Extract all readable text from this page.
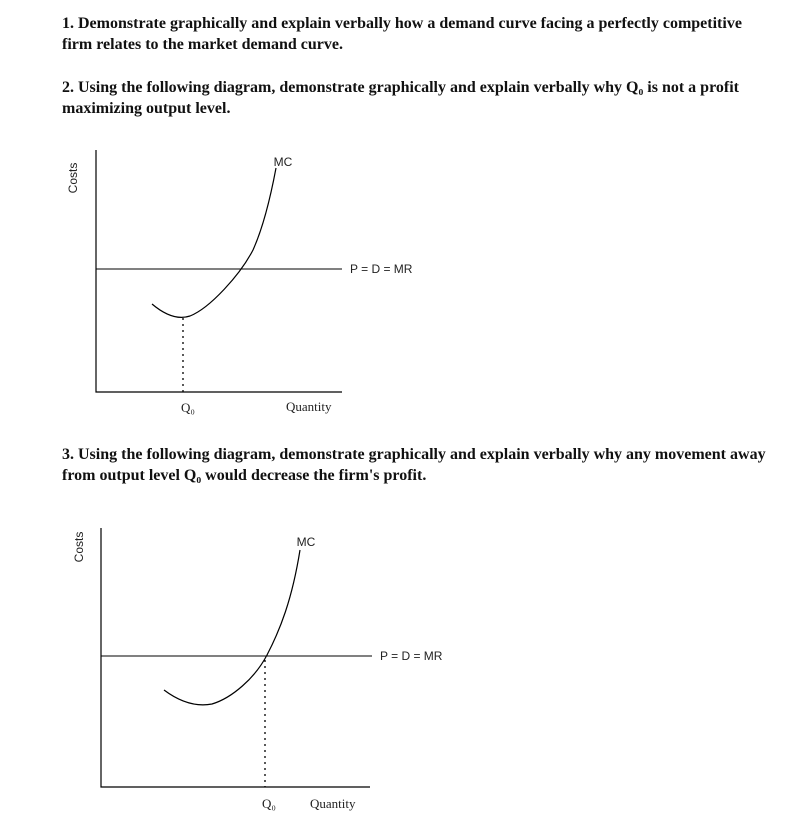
1. Demonstrate graphically and explain verbally how a demand curve facing a perfectly competitive firm relates to the market demand curve.

2. Using the following diagram, demonstrate graphically and explain verbally why Q₀ is not a profit maximizing output level.

3. Using the following diagram, demonstrate graphically and explain verbally why any movement away from output level Q₀ would decrease the firm's profit.

Costs
MC
P = D = MR
Q₀	Quantity
Costs	MC
P = D = MR
Q₀	Quantity
